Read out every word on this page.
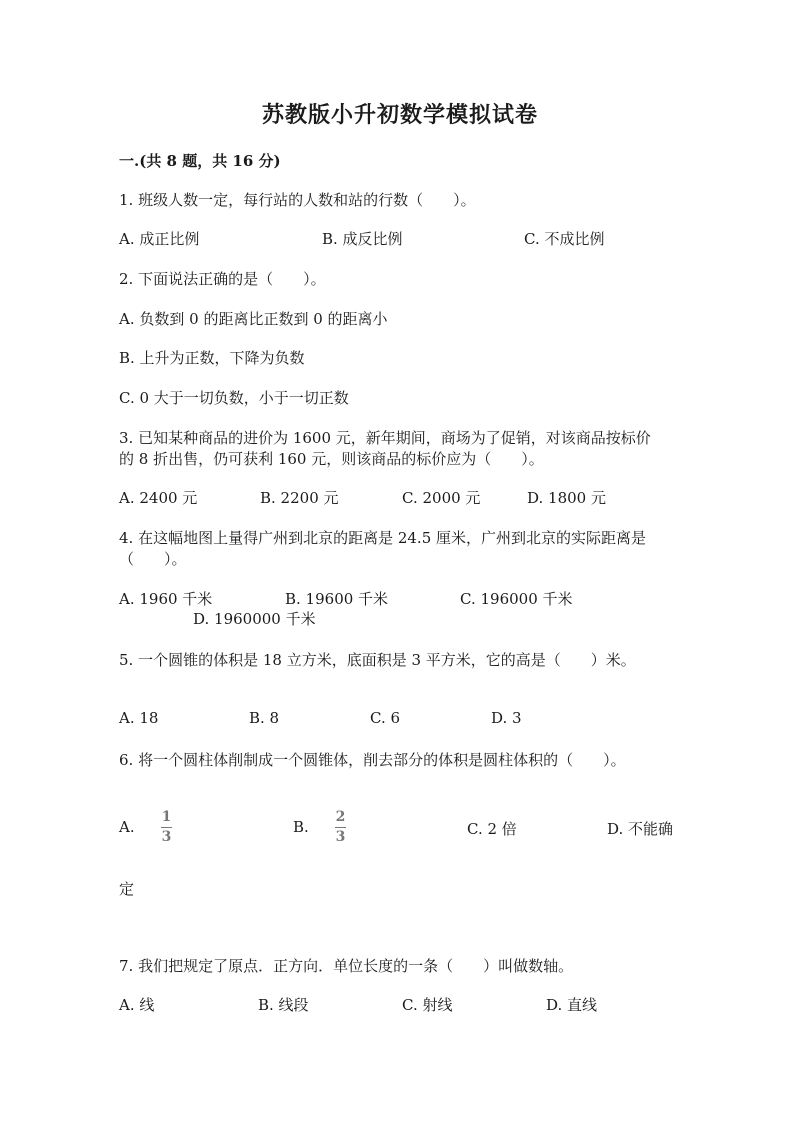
苏教版小升初数学模拟试卷
一.(共 8 题，共 16 分)
1. 班级人数一定，每行站的人数和站的行数（　　）。
A. 成正比例	B. 成反比例	C. 不成比例
2. 下面说法正确的是（　　）。
A. 负数到 0 的距离比正数到 0 的距离小
B. 上升为正数，下降为负数
C. 0 大于一切负数，小于一切正数
3. 已知某种商品的进价为 1600 元，新年期间，商场为了促销，对该商品按标价
的 8 折出售，仍可获利 160 元，则该商品的标价应为（　　）。
A. 2400 元	B. 2200 元	C. 2000 元	D. 1800 元
4. 在这幅地图上量得广州到北京的距离是 24.5 厘米，广州到北京的实际距离是
（　　）。
A. 1960 千米	B. 19600 千米	C. 196000 千米
D. 1960000 千米
5. 一个圆锥的体积是 18 立方米，底面积是 3 平方米，它的高是（　　）米。
A. 18	B. 8	C. 6	D. 3
6. 将一个圆柱体削制成一个圆锥体，削去部分的体积是圆柱体积的（　　）。
A.
1
3
B.
2
3	C. 2 倍	D. 不能确
定
7. 我们把规定了原点．正方向．单位长度的一条（　　）叫做数轴。
A. 线	B. 线段	C. 射线	D. 直线
